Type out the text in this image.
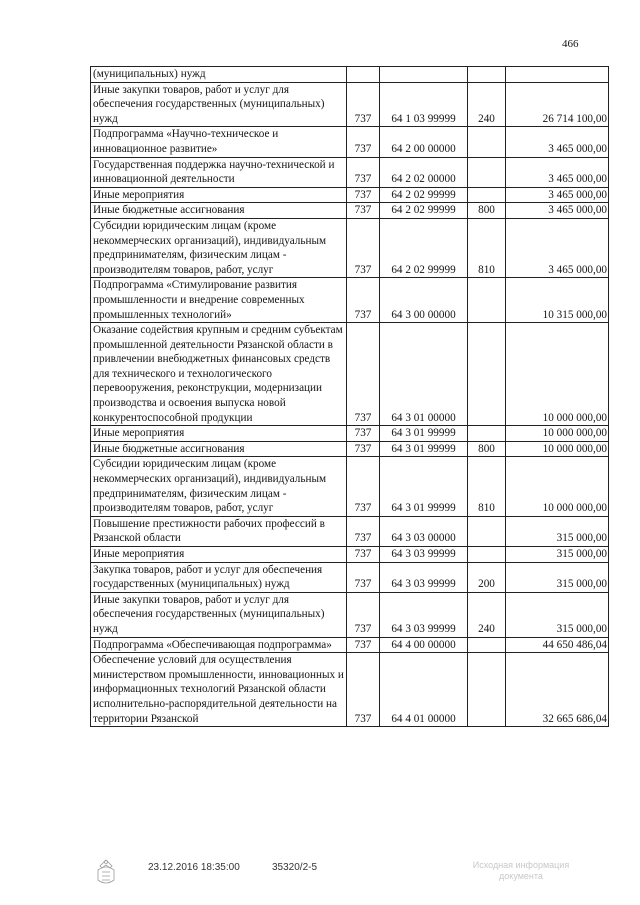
466
(муниципальных) нужд				
Иные закупки товаров, работ и услуг для обеспечения государственных (муниципальных) нужд	737	64 1 03 99999	240	26 714 100,00
Подпрограмма «Научно-техническое и инновационное развитие»	737	64 2 00 00000		3 465 000,00
Государственная поддержка научно-технической и инновационной деятельности	737	64 2 02 00000		3 465 000,00
Иные мероприятия	737	64 2 02 99999		3 465 000,00
Иные бюджетные ассигнования	737	64 2 02 99999	800	3 465 000,00
Субсидии юридическим лицам (кроме некоммерческих организаций), индивидуальным предпринимателям, физическим лицам - производителям товаров, работ, услуг	737	64 2 02 99999	810	3 465 000,00
Подпрограмма «Стимулирование развития промышленности и внедрение современных промышленных технологий»	737	64 3 00 00000		10 315 000,00
Оказание содействия крупным и средним субъектам промышленной деятельности Рязанской области в привлечении внебюджетных финансовых средств для технического и технологического перевооружения, реконструкции, модернизации производства и освоения выпуска новой конкурентоспособной продукции	737	64 3 01 00000		10 000 000,00
Иные мероприятия	737	64 3 01 99999		10 000 000,00
Иные бюджетные ассигнования	737	64 3 01 99999	800	10 000 000,00
Субсидии юридическим лицам (кроме некоммерческих организаций), индивидуальным предпринимателям, физическим лицам - производителям товаров, работ, услуг	737	64 3 01 99999	810	10 000 000,00
Повышение престижности рабочих профессий в Рязанской области	737	64 3 03 00000		315 000,00
Иные мероприятия	737	64 3 03 99999		315 000,00
Закупка товаров, работ и услуг для обеспечения государственных (муниципальных) нужд	737	64 3 03 99999	200	315 000,00
Иные закупки товаров, работ и услуг для обеспечения государственных (муниципальных) нужд	737	64 3 03 99999	240	315 000,00
Подпрограмма «Обеспечивающая подпрограмма»	737	64 4 00 00000		44 650 486,04
Обеспечение условий для осуществления министерством промышленности, инновационных и информационных технологий Рязанской области исполнительно-распорядительной деятельности на территории Рязанской	737	64 4 01 00000		32 665 686,04
23.12.2016 18:35:00	35320/2-5	Исходная информация
документа
